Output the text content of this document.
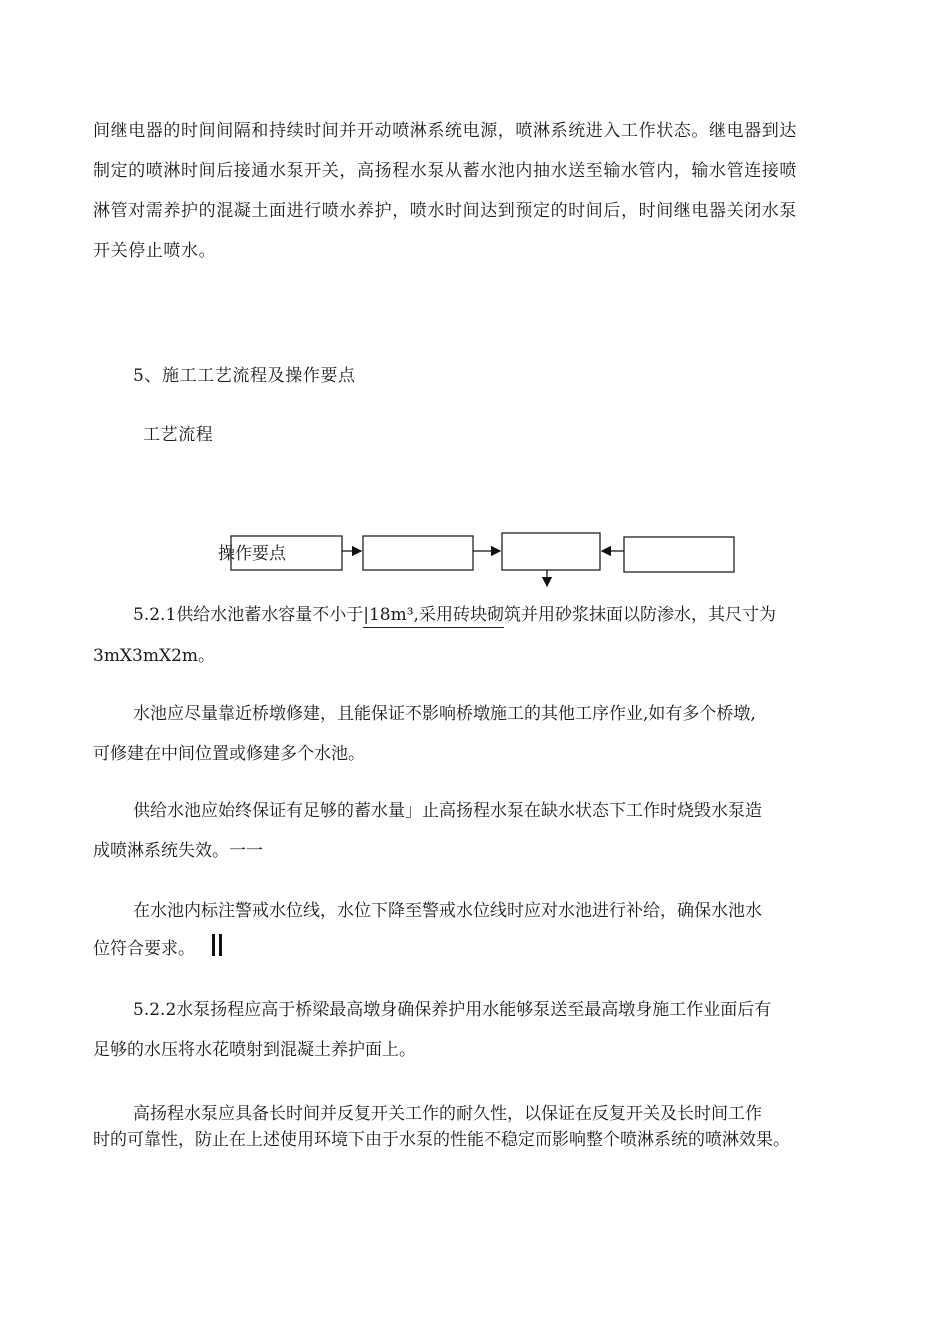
间继电器的时间间隔和持续时间并开动喷淋系统电源，喷淋系统进入工作状态。继电器到达
制定的喷淋时间后接通水泵开关，高扬程水泵从蓄水池内抽水送至输水管内，输水管连接喷
淋管对需养护的混凝土面进行喷水养护，喷水时间达到预定的时间后，时间继电器关闭水泵
开关停止喷水。
5、施工工艺流程及操作要点
工艺流程
操作要点
5.2.1供给水池蓄水容量不小于|18m³,采用砖块砌筑并用砂浆抹面以防渗水，其尺寸为
3mX3mX2m。
水池应尽量靠近桥墩修建，且能保证不影响桥墩施工的其他工序作业,如有多个桥墩,
可修建在中间位置或修建多个水池。
供给水池应始终保证有足够的蓄水量」止高扬程水泵在缺水状态下工作时烧毁水泵造
成喷淋系统失效。一一
在水池内标注警戒水位线，水位下降至警戒水位线时应对水池进行补给，确保水池水
位符合要求。
5.2.2水泵扬程应高于桥梁最高墩身确保养护用水能够泵送至最高墩身施工作业面后有
足够的水压将水花喷射到混凝土养护面上。
高扬程水泵应具备长时间并反复开关工作的耐久性，以保证在反复开关及长时间工作
时的可靠性，防止在上述使用环境下由于水泵的性能不稳定而影响整个喷淋系统的喷淋效果。
